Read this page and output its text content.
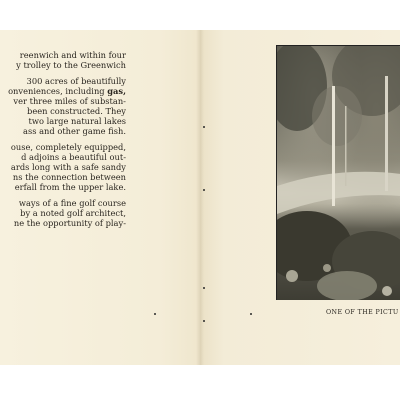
reenwich and within four
y trolley to the Greenwich
300 acres of beautifully
onveniences, including gas,
ver three miles of substan-
been constructed. They
two large natural lakes
ass and other game fish.
ouse, completely equipped,
d adjoins a beautiful out-
ards long with a safe sandy
ns the connection between
erfall from the upper lake.
ways of a fine golf course
by a noted golf architect,
ne the opportunity of play-
ONE OF THE PICTU
